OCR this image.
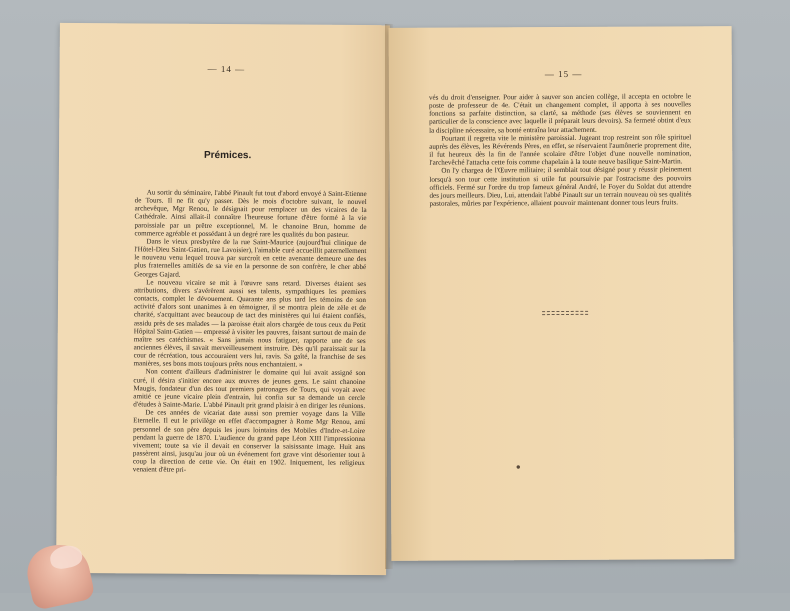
— 14 —
Prémices.

Au sortir du séminaire, l'abbé Pinault fut tout d'abord envoyé à Saint-Etienne de Tours. Il ne fit qu'y passer. Dès le mois d'octobre suivant, le nouvel archevêque, Mgr Renou, le désignait pour remplacer un des vicaires de la Cathédrale. Ainsi allait-il connaître l'heureuse fortune d'être formé à la vie paroissiale par un prêtre exceptionnel, M. le chanoine Brun, homme de commerce agréable et possédant à un degré rare les qualités du bon pasteur.

Dans le vieux presbytère de la rue Saint-Maurice (aujourd'hui clinique de l'Hôtel-Dieu Saint-Gatien, rue Lavoisier), l'aimable curé accueillit paternellement le nouveau venu lequel trouva par surcroît en cette avenante demeure une des plus fraternelles amitiés de sa vie en la personne de son confrère, le cher abbé Georges Gajard.

Le nouveau vicaire se mit à l'œuvre sans retard. Diverses étaient ses attributions, divers s'avérèrent aussi ses talents, sympathiques les premiers contacts, complet le dévouement. Quarante ans plus tard les témoins de son activité d'alors sont unanimes à en témoigner, il se montra plein de zèle et de charité, s'acquittant avec beaucoup de tact des ministères qui lui étaient confiés, assidu près de ses malades — la paroisse était alors chargée de tous ceux du Petit Hôpital Saint-Gatien — empressé à visiter les pauvres, faisant surtout de main de maître ses catéchismes. « Sans jamais nous fatiguer, rapporte une de ses anciennes élèves, il savait merveilleusement instruire. Dès qu'il paraissait sur la cour de récréation, tous accouraient vers lui, ravis. Sa gaîté, la franchise de ses manières, ses bons mots toujours prêts nous enchantaient. »

Non content d'ailleurs d'administrer le domaine qui lui avait assigné son curé, il désira s'initier encore aux œuvres de jeunes gens. Le saint chanoine Maugis, fondateur d'un des tout premiers patronages de Tours, qui voyait avec amitié ce jeune vicaire plein d'entrain, lui confia sur sa demande un cercle d'études à Sainte-Marie. L'abbé Pinault prit grand plaisir à en diriger les réunions.

De ces années de vicariat date aussi son premier voyage dans la Ville Eternelle. Il eut le privilège en effet d'accompagner à Rome Mgr Renou, ami personnel de son père depuis les jours lointains des Mobiles d'Indre-et-Loire pendant la guerre de 1870. L'audience du grand pape Léon XIII l'impressionna vivement; toute sa vie il devait en conserver la saisissante image. Huit ans passèrent ainsi, jusqu'au jour où un événement fort grave vint désorienter tout à coup la direction de cette vie. On était en 1902. Iniquement, les religieux venaient d'être pri-

— 15 —

vés du droit d'enseigner. Pour aider à sauver son ancien collège, il accepta en octobre le poste de professeur de 4e. C'était un changement complet, il apporta à ses nouvelles fonctions sa parfaite distinction, sa clarté, sa méthode (ses élèves se souviennent en particulier de la conscience avec laquelle il préparait leurs devoirs). Sa fermeté obtint d'eux la discipline nécessaire, sa bonté entraîna leur attachement.

Pourtant il regretta vite le ministère paroissial. Jugeant trop restreint son rôle spirituel auprès des élèves, les Révérends Pères, en effet, se réservaient l'aumônerie proprement dite, il fut heureux dès la fin de l'année scolaire d'être l'objet d'une nouvelle nomination, l'archevêché l'attacha cette fois comme chapelain à la toute neuve basilique Saint-Martin.

On l'y chargea de l'Œuvre militaire; il semblait tout désigné pour y réussir pleinement lorsqu'à son tour cette institution si utile fut poursuivie par l'ostracisme des pouvoirs officiels. Fermé sur l'ordre du trop fameux général André, le Foyer du Soldat dut attendre des jours meilleurs. Dieu, Lui, attendait l'abbé Pinault sur un terrain nouveau où ses qualités pastorales, mûries par l'expérience, allaient pouvoir maintenant donner tous leurs fruits.

●
